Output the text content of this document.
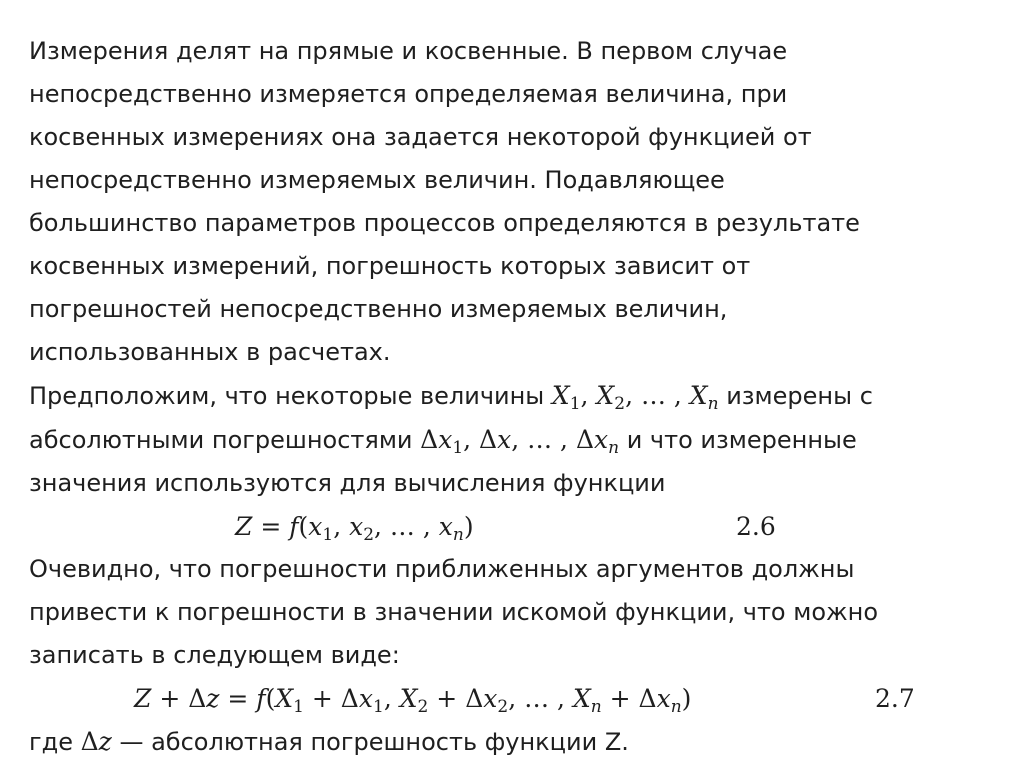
Измерения делят на прямые и косвенные. В первом случае
непосредственно измеряется определяемая величина, при
косвенных измерениях она задается некоторой функцией от
непосредственно измеряемых величин. Подавляющее
большинство параметров процессов определяются в результате
косвенных измерений, погрешность которых зависит от
погрешностей непосредственно измеряемых величин,
использованных в расчетах.
Предположим, что некоторые величины $X_1$, $X_2$, … , $X_n$ измерены с
абсолютными погрешностями $\Delta x_1$, Δx, … , $\Delta x_n$ и что измеренные
значения используются для вычисления функции
$Z = f(x_1$, $x_2$, … , $x_n$)	2.6
Очевидно, что погрешности приближенных аргументов должны
привести к погрешности в значении искомой функции, что можно
записать в следующем виде:
$Z + \Delta z = f(X_1 + \Delta x_1$, $X_2 + \Delta x_2$, … , $X_n + \Delta x_n$)	2.7
где Δz — абсолютная погрешность функции Z.
